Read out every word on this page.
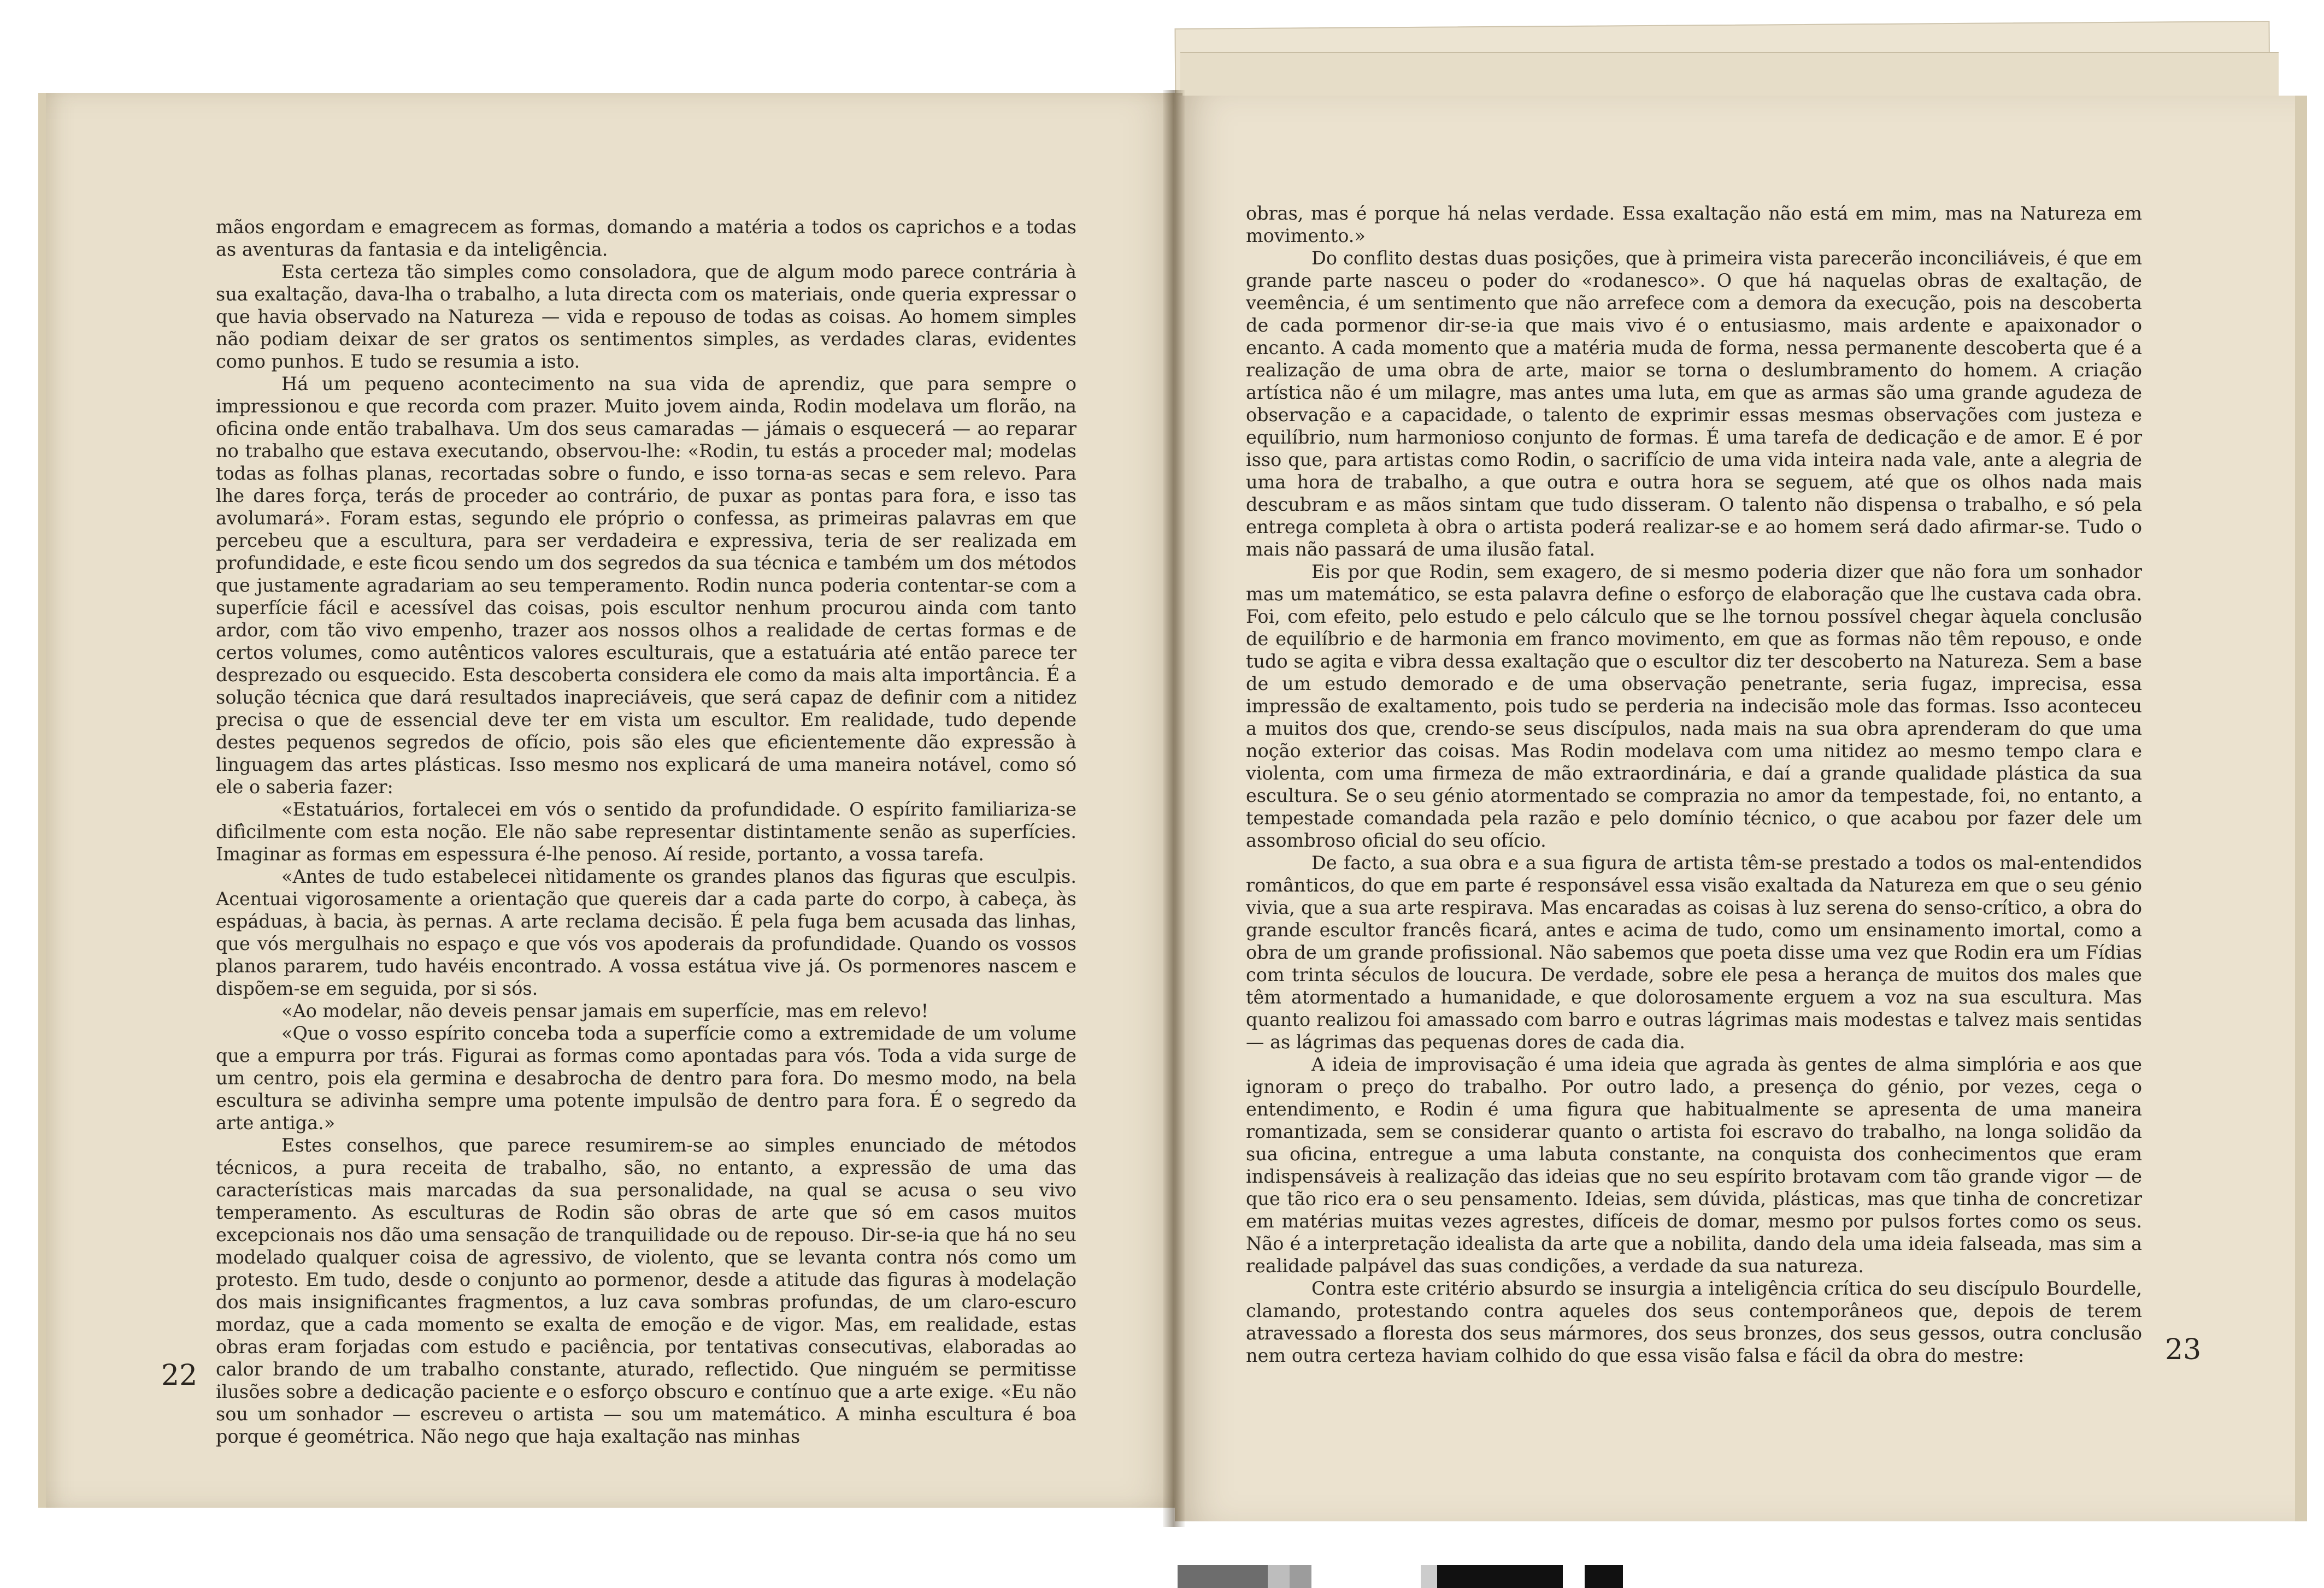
mãos engordam e emagrecem as formas, domando a matéria a todos os caprichos e a todas as aventuras da fantasia e da inteligência.

Esta certeza tão simples como consoladora, que de algum modo parece contrária à sua exaltação, dava-lha o trabalho, a luta directa com os materiais, onde queria expressar o que havia observado na Natureza — vida e repouso de todas as coisas. Ao homem simples não podiam deixar de ser gratos os sentimentos simples, as verdades claras, evidentes como punhos. E tudo se resumia a isto.

Há um pequeno acontecimento na sua vida de aprendiz, que para sempre o impressionou e que recorda com prazer. Muito jovem ainda, Rodin modelava um florão, na oficina onde então trabalhava. Um dos seus camaradas — jámais o esquecerá — ao reparar no trabalho que estava executando, observou-lhe: «Rodin, tu estás a proceder mal; modelas todas as folhas planas, recortadas sobre o fundo, e isso torna-as secas e sem relevo. Para lhe dares força, terás de proceder ao contrário, de puxar as pontas para fora, e isso tas avolumará». Foram estas, segundo ele próprio o confessa, as primeiras palavras em que percebeu que a escultura, para ser verdadeira e expressiva, teria de ser realizada em profundidade, e este ficou sendo um dos segredos da sua técnica e também um dos métodos que justamente agradariam ao seu temperamento. Rodin nunca poderia contentar-se com a superfície fácil e acessível das coisas, pois escultor nenhum procurou ainda com tanto ardor, com tão vivo empenho, trazer aos nossos olhos a realidade de certas formas e de certos volumes, como autênticos valores esculturais, que a estatuária até então parece ter desprezado ou esquecido. Esta descoberta considera ele como da mais alta importância. É a solução técnica que dará resultados inapreciáveis, que será capaz de definir com a nitidez precisa o que de essencial deve ter em vista um escultor. Em realidade, tudo depende destes pequenos segredos de ofício, pois são eles que eficientemente dão expressão à linguagem das artes plásticas. Isso mesmo nos explicará de uma maneira notável, como só ele o saberia fazer:

«Estatuários, fortalecei em vós o sentido da profundidade. O espírito familiariza-se difìcilmente com esta noção. Ele não sabe representar distintamente senão as superfícies. Imaginar as formas em espessura é-lhe penoso. Aí reside, portanto, a vossa tarefa.

«Antes de tudo estabelecei nìtidamente os grandes planos das figuras que esculpis. Acentuai vigorosamente a orientação que quereis dar a cada parte do corpo, à cabeça, às espáduas, à bacia, às pernas. A arte reclama decisão. É pela fuga bem acusada das linhas, que vós mergulhais no espaço e que vós vos apoderais da profundidade. Quando os vossos planos pararem, tudo havéis encontrado. A vossa estátua vive já. Os pormenores nascem e dispõem-se em seguida, por si sós.

«Ao modelar, não deveis pensar jamais em superfície, mas em relevo!

«Que o vosso espírito conceba toda a superfície como a extremidade de um volume que a empurra por trás. Figurai as formas como apontadas para vós. Toda a vida surge de um centro, pois ela germina e desabrocha de dentro para fora. Do mesmo modo, na bela escultura se adivinha sempre uma potente impulsão de dentro para fora. É o segredo da arte antiga.»

Estes conselhos, que parece resumirem-se ao simples enunciado de métodos técnicos, a pura receita de trabalho, são, no entanto, a expressão de uma das características mais marcadas da sua personalidade, na qual se acusa o seu vivo temperamento. As esculturas de Rodin são obras de arte que só em casos muitos excepcionais nos dão uma sensação de tranquilidade ou de repouso. Dir-se-ia que há no seu modelado qualquer coisa de agressivo, de violento, que se levanta contra nós como um protesto. Em tudo, desde o conjunto ao pormenor, desde a atitude das figuras à modelação dos mais insignificantes fragmentos, a luz cava sombras profundas, de um claro-escuro mordaz, que a cada momento se exalta de emoção e de vigor. Mas, em realidade, estas obras eram forjadas com estudo e paciência, por tentativas consecutivas, elaboradas ao calor brando de um trabalho constante, aturado, reflectido. Que ninguém se permitisse ilusões sobre a dedicação paciente e o esforço obscuro e contínuo que a arte exige. «Eu não sou um sonhador — escreveu o artista — sou um matemático. A minha escultura é boa porque é geométrica. Não nego que haja exaltação nas minhas

22

obras, mas é porque há nelas verdade. Essa exaltação não está em mim, mas na Natureza em movimento.»

Do conflito destas duas posições, que à primeira vista parecerão inconciliáveis, é que em grande parte nasceu o poder do «rodanesco». O que há naquelas obras de exaltação, de veemência, é um sentimento que não arrefece com a demora da execução, pois na descoberta de cada pormenor dir-se-ia que mais vivo é o entusiasmo, mais ardente e apaixonador o encanto. A cada momento que a matéria muda de forma, nessa permanente descoberta que é a realização de uma obra de arte, maior se torna o deslumbramento do homem. A criação artística não é um milagre, mas antes uma luta, em que as armas são uma grande agudeza de observação e a capacidade, o talento de exprimir essas mesmas observações com justeza e equilíbrio, num harmonioso conjunto de formas. É uma tarefa de dedicação e de amor. E é por isso que, para artistas como Rodin, o sacrifício de uma vida inteira nada vale, ante a alegria de uma hora de trabalho, a que outra e outra hora se seguem, até que os olhos nada mais descubram e as mãos sintam que tudo disseram. O talento não dispensa o trabalho, e só pela entrega completa à obra o artista poderá realizar-se e ao homem será dado afirmar-se. Tudo o mais não passará de uma ilusão fatal.

Eis por que Rodin, sem exagero, de si mesmo poderia dizer que não fora um sonhador mas um matemático, se esta palavra define o esforço de elaboração que lhe custava cada obra. Foi, com efeito, pelo estudo e pelo cálculo que se lhe tornou possível chegar àquela conclusão de equilíbrio e de harmonia em franco movimento, em que as formas não têm repouso, e onde tudo se agita e vibra dessa exaltação que o escultor diz ter descoberto na Natureza. Sem a base de um estudo demorado e de uma observação penetrante, seria fugaz, imprecisa, essa impressão de exaltamento, pois tudo se perderia na indecisão mole das formas. Isso aconteceu a muitos dos que, crendo-se seus discípulos, nada mais na sua obra aprenderam do que uma noção exterior das coisas. Mas Rodin modelava com uma nitidez ao mesmo tempo clara e violenta, com uma firmeza de mão extraordinária, e daí a grande qualidade plástica da sua escultura. Se o seu génio atormentado se comprazia no amor da tempestade, foi, no entanto, a tempestade comandada pela razão e pelo domínio técnico, o que acabou por fazer dele um assombroso oficial do seu ofício.

De facto, a sua obra e a sua figura de artista têm-se prestado a todos os mal-entendidos românticos, do que em parte é responsável essa visão exaltada da Natureza em que o seu génio vivia, que a sua arte respirava. Mas encaradas as coisas à luz serena do senso-crítico, a obra do grande escultor francês ficará, antes e acima de tudo, como um ensinamento imortal, como a obra de um grande profissional. Não sabemos que poeta disse uma vez que Rodin era um Fídias com trinta séculos de loucura. De verdade, sobre ele pesa a herança de muitos dos males que têm atormentado a humanidade, e que dolorosamente erguem a voz na sua escultura. Mas quanto realizou foi amassado com barro e outras lágrimas mais modestas e talvez mais sentidas — as lágrimas das pequenas dores de cada dia.

A ideia de improvisação é uma ideia que agrada às gentes de alma simplória e aos que ignoram o preço do trabalho. Por outro lado, a presença do génio, por vezes, cega o entendimento, e Rodin é uma figura que habitualmente se apresenta de uma maneira romantizada, sem se considerar quanto o artista foi escravo do trabalho, na longa solidão da sua oficina, entregue a uma labuta constante, na conquista dos conhecimentos que eram indispensáveis à realização das ideias que no seu espírito brotavam com tão grande vigor — de que tão rico era o seu pensamento. Ideias, sem dúvida, plásticas, mas que tinha de concretizar em matérias muitas vezes agrestes, difíceis de domar, mesmo por pulsos fortes como os seus. Não é a interpretação idealista da arte que a nobilita, dando dela uma ideia falseada, mas sim a realidade palpável das suas condições, a verdade da sua natureza.

Contra este critério absurdo se insurgia a inteligência crítica do seu discípulo Bourdelle, clamando, protestando contra aqueles dos seus contemporâneos que, depois de terem atravessado a floresta dos seus mármores, dos seus bronzes, dos seus gessos, outra conclusão nem outra certeza haviam colhido do que essa visão falsa e fácil da obra do mestre:	23
